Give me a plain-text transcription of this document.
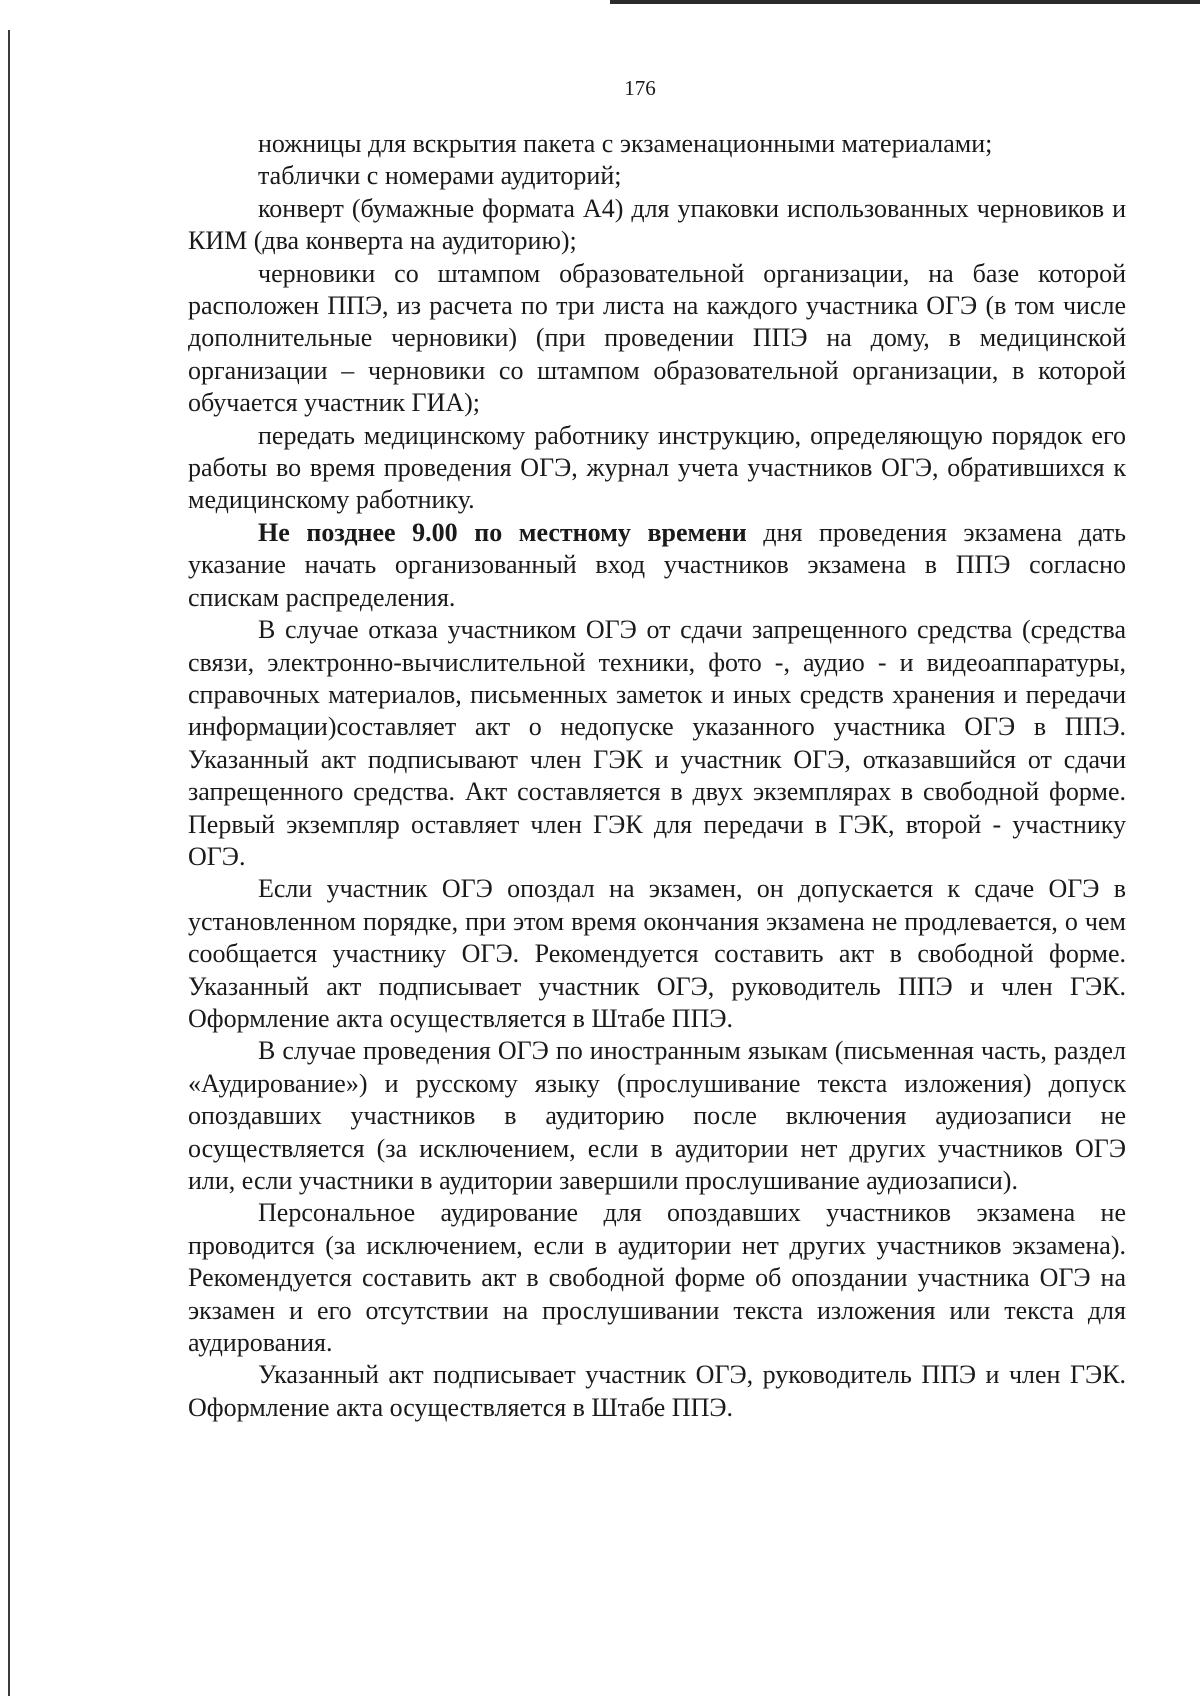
176

ножницы для вскрытия пакета с экзаменационными материалами;

таблички с номерами аудиторий;

конверт (бумажные формата А4) для упаковки использованных черновиков и КИМ (два конверта на аудиторию);

черновики со штампом образовательной организации, на базе которой расположен ППЭ, из расчета по три листа на каждого участника ОГЭ (в том числе дополнительные черновики) (при проведении ППЭ на дому, в медицинской организации – черновики со штампом образовательной организации, в которой обучается участник ГИА);

передать медицинскому работнику инструкцию, определяющую порядок его работы во время проведения ОГЭ, журнал учета участников ОГЭ, обратившихся к медицинскому работнику.

Не позднее 9.00 по местному времени дня проведения экзамена дать указание начать организованный вход участников экзамена в ППЭ согласно спискам распределения.

В случае отказа участником ОГЭ от сдачи запрещенного средства (средства связи, электронно-вычислительной техники, фото -, аудио - и видеоаппаратуры, справочных материалов, письменных заметок и иных средств хранения и передачи информации)составляет акт о недопуске указанного участника ОГЭ в ППЭ. Указанный акт подписывают член ГЭК и участник ОГЭ, отказавшийся от сдачи запрещенного средства. Акт составляется в двух экземплярах в свободной форме. Первый экземпляр оставляет член ГЭК для передачи в ГЭК, второй - участнику ОГЭ.

Если участник ОГЭ опоздал на экзамен, он допускается к сдаче ОГЭ в установленном порядке, при этом время окончания экзамена не продлевается, о чем сообщается участнику ОГЭ. Рекомендуется составить акт в свободной форме. Указанный акт подписывает участник ОГЭ, руководитель ППЭ и член ГЭК. Оформление акта осуществляется в Штабе ППЭ.

В случае проведения ОГЭ по иностранным языкам (письменная часть, раздел «Аудирование») и русскому языку (прослушивание текста изложения) допуск опоздавших участников в аудиторию после включения аудиозаписи не осуществляется (за исключением, если в аудитории нет других участников ОГЭ или, если участники в аудитории завершили прослушивание аудиозаписи).

Персональное аудирование для опоздавших участников экзамена не проводится (за исключением, если в аудитории нет других участников экзамена). Рекомендуется составить акт в свободной форме об опоздании участника ОГЭ на экзамен и его отсутствии на прослушивании текста изложения или текста для аудирования.

Указанный акт подписывает участник ОГЭ, руководитель ППЭ и член ГЭК. Оформление акта осуществляется в Штабе ППЭ.
